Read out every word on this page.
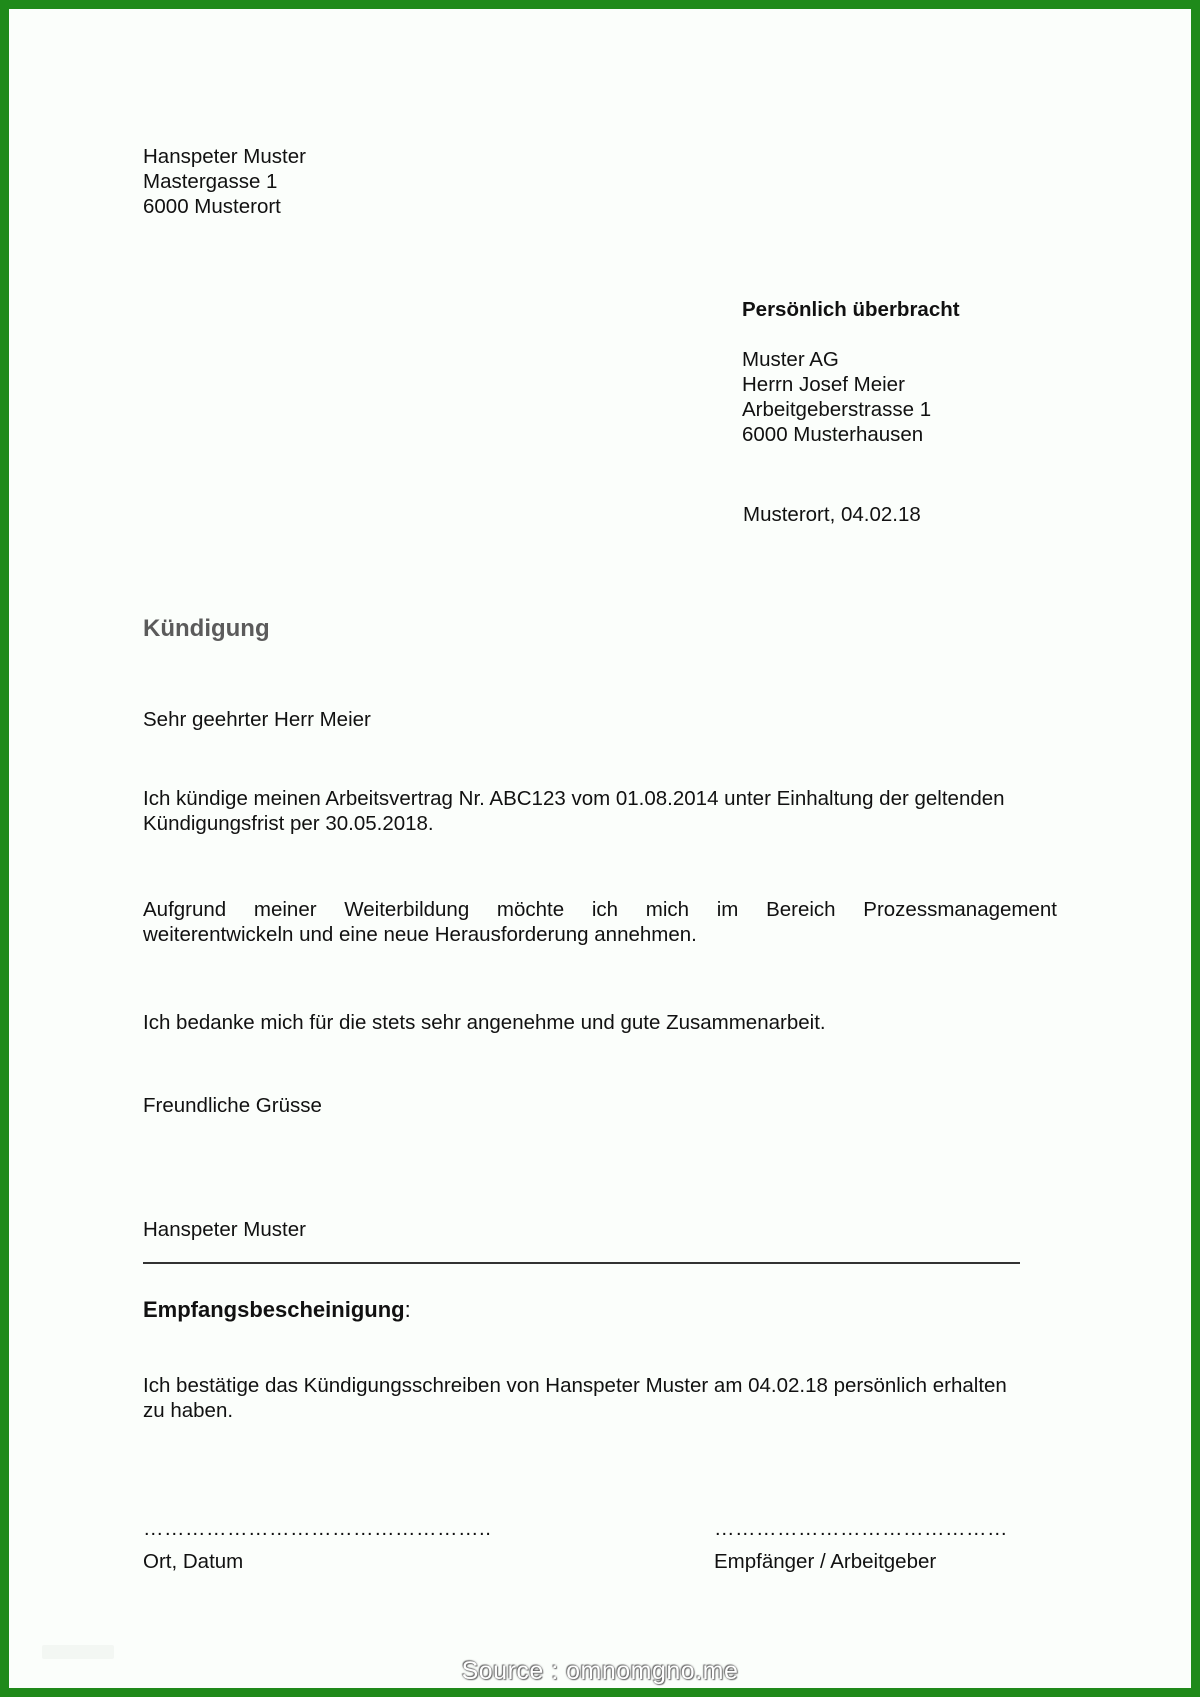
Hanspeter Muster
Mastergasse 1
6000 Musterort
Persönlich überbracht
Muster AG
Herrn Josef Meier
Arbeitgeberstrasse 1
6000 Musterhausen
Musterort, 04.02.18
Kündigung
Sehr geehrter Herr Meier
Ich kündige meinen Arbeitsvertrag Nr. ABC123 vom 01.08.2014 unter Einhaltung der geltenden
Kündigungsfrist per 30.05.2018.
Aufgrund meiner Weiterbildung möchte ich mich im Bereich Prozessmanagement
weiterentwickeln und eine neue Herausforderung annehmen.
Ich bedanke mich für die stets sehr angenehme und gute Zusammenarbeit.
Freundliche Grüsse
Hanspeter Muster
Empfangsbescheinigung:
Ich bestätige das Kündigungsschreiben von Hanspeter Muster am 04.02.18 persönlich erhalten
zu haben.
…………………………………………..	……………………………………
Ort, Datum	Empfänger / Arbeitgeber
Source : omnomgno.me
